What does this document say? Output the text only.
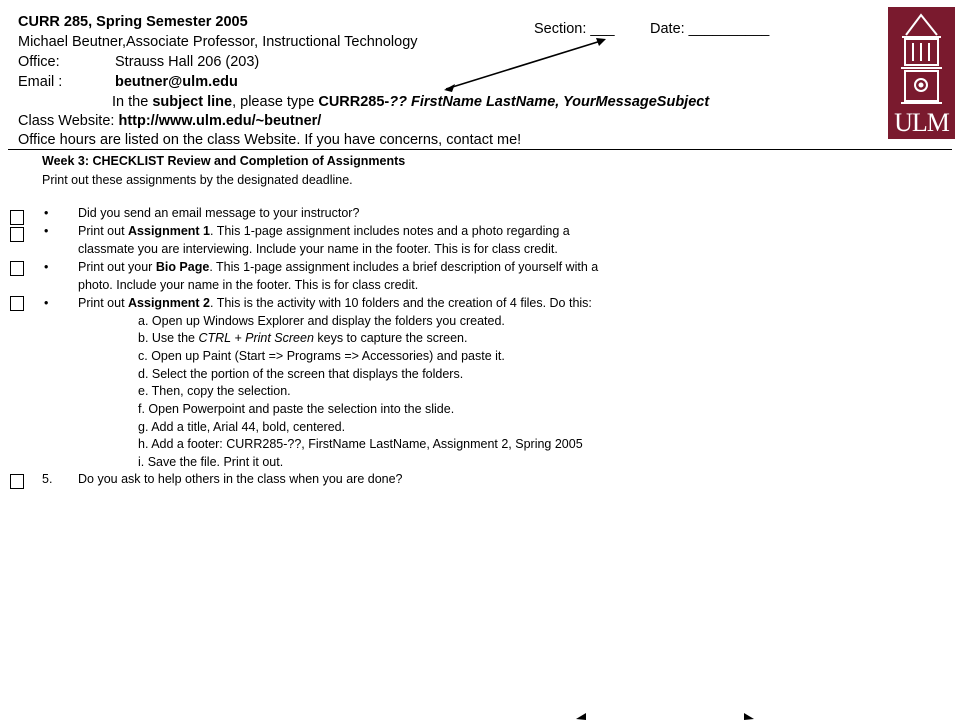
CURR 285, Spring Semester 2005
Michael Beutner,Associate Professor, Instructional Technology
Office:	Strauss Hall 206 (203)
Email :	beutner@ulm.edu
In the subject line, please type CURR285-?? FirstName LastName, YourMessageSubject
Class Website: http://www.ulm.edu/~beutner/
Office hours are listed on the class Website. If you have concerns, contact me!
Section: ___ Date: __________
ULM
Week 3: CHECKLIST Review and Completion of Assignments
Print out these assignments by the designated deadline.
• Did you send an email message to your instructor?
• Print out Assignment 1. This 1-page assignment includes notes and a photo regarding a
classmate you are interviewing. Include your name in the footer. This is for class credit.
• Print out your Bio Page. This 1-page assignment includes a brief description of yourself with a
photo. Include your name in the footer. This is for class credit.
• Print out Assignment 2. This is the activity with 10 folders and the creation of 4 files. Do this:
a. Open up Windows Explorer and display the folders you created.
b. Use the CTRL + Print Screen keys to capture the screen.
c. Open up Paint (Start => Programs => Accessories) and paste it.
d. Select the portion of the screen that displays the folders.
e. Then, copy the selection.
f. Open Powerpoint and paste the selection into the slide.
g. Add a title, Arial 44, bold, centered.
h. Add a footer: CURR285-??, FirstName LastName, Assignment 2, Spring 2005
i. Save the file. Print it out.
5. Do you ask to help others in the class when you are done?
